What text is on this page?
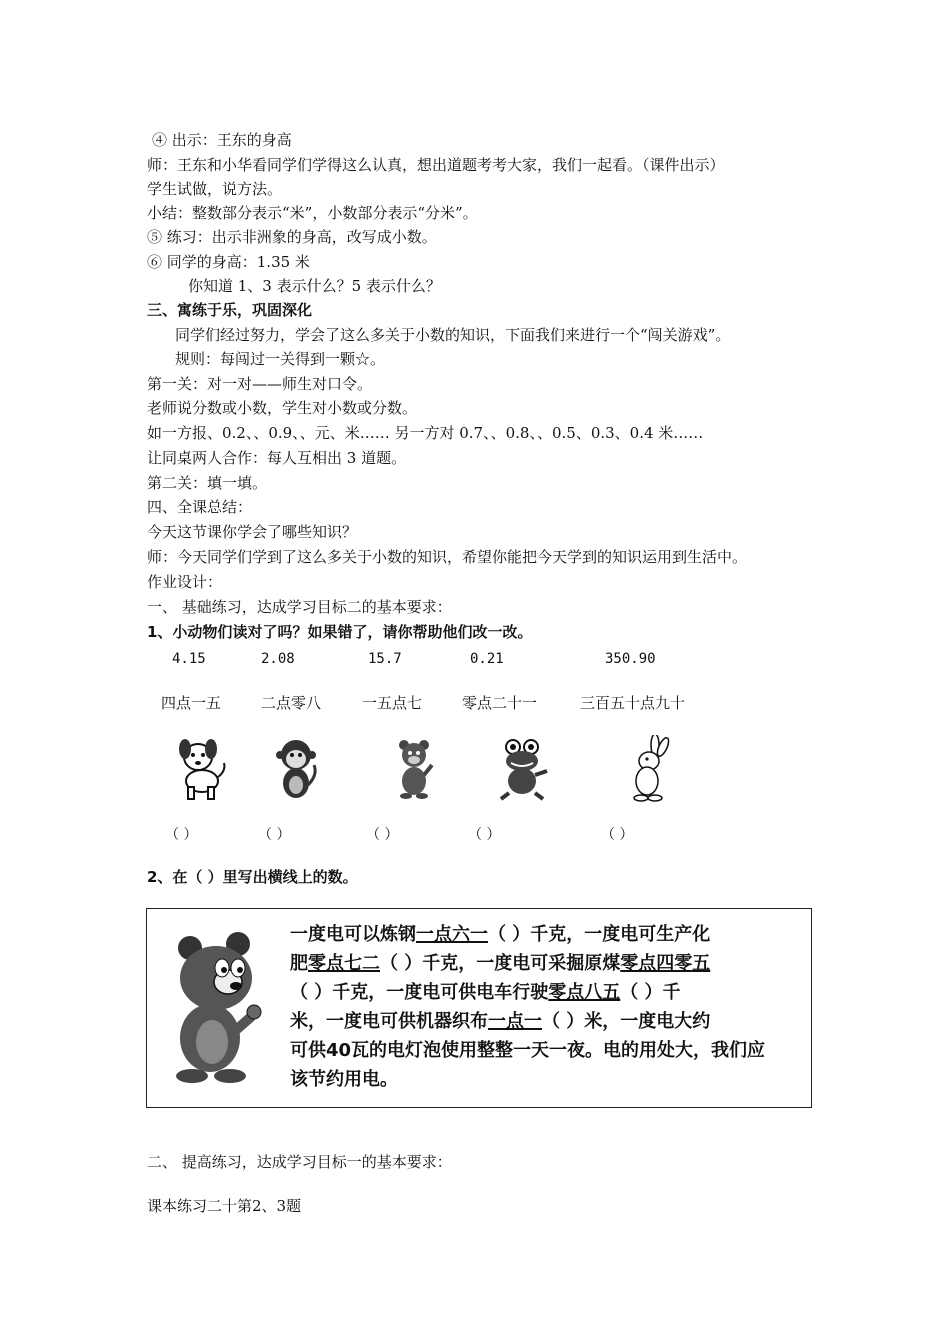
④ 出示：王东的身高
师：王东和小华看同学们学得这么认真，想出道题考考大家，我们一起看。（课件出示）
学生试做，说方法。
小结：整数部分表示“米”，小数部分表示“分米”。
⑤ 练习：出示非洲象的身高，改写成小数。
⑥ 同学的身高：1.35 米
你知道 1、3 表示什么？5 表示什么？
三、寓练于乐，巩固深化
同学们经过努力，学会了这么多关于小数的知识，下面我们来进行一个“闯关游戏”。
规则：每闯过一关得到一颗☆。
第一关：对一对——师生对口令。
老师说分数或小数，学生对小数或分数。
如一方报、0.2、、0.9、、元、米…… 另一方对 0.7、、0.8、、0.5、0.3、0.4 米……
让同桌两人合作：每人互相出 3 道题。
第二关：填一填。
四、全课总结：
今天这节课你学会了哪些知识？
师：今天同学们学到了这么多关于小数的知识，希望你能把今天学到的知识运用到生活中。
作业设计：
一、 基础练习，达成学习目标二的基本要求：
1、小动物们读对了吗？如果错了，请你帮助他们改一改。
4.15	2.08	15.7	0.21	350.90
四点一五	二点零八	一五点七	零点二十一	三百五十点九十
（ ）	（ ）	（ ）	（ ）	（ ）
2、在（ ）里写出横线上的数。
一度电可以炼钢一点六一（ ）千克，一度电可生产化
肥零点七二（ ）千克，一度电可采掘原煤零点四零五
（ ）千克，一度电可供电车行驶零点八五（ ）千
米，一度电可供机器织布一点一（ ）米，一度电大约
可供40瓦的电灯泡使用整整一天一夜。电的用处大，我们应
该节约用电。
二、 提高练习，达成学习目标一的基本要求：
课本练习二十第2、3题
